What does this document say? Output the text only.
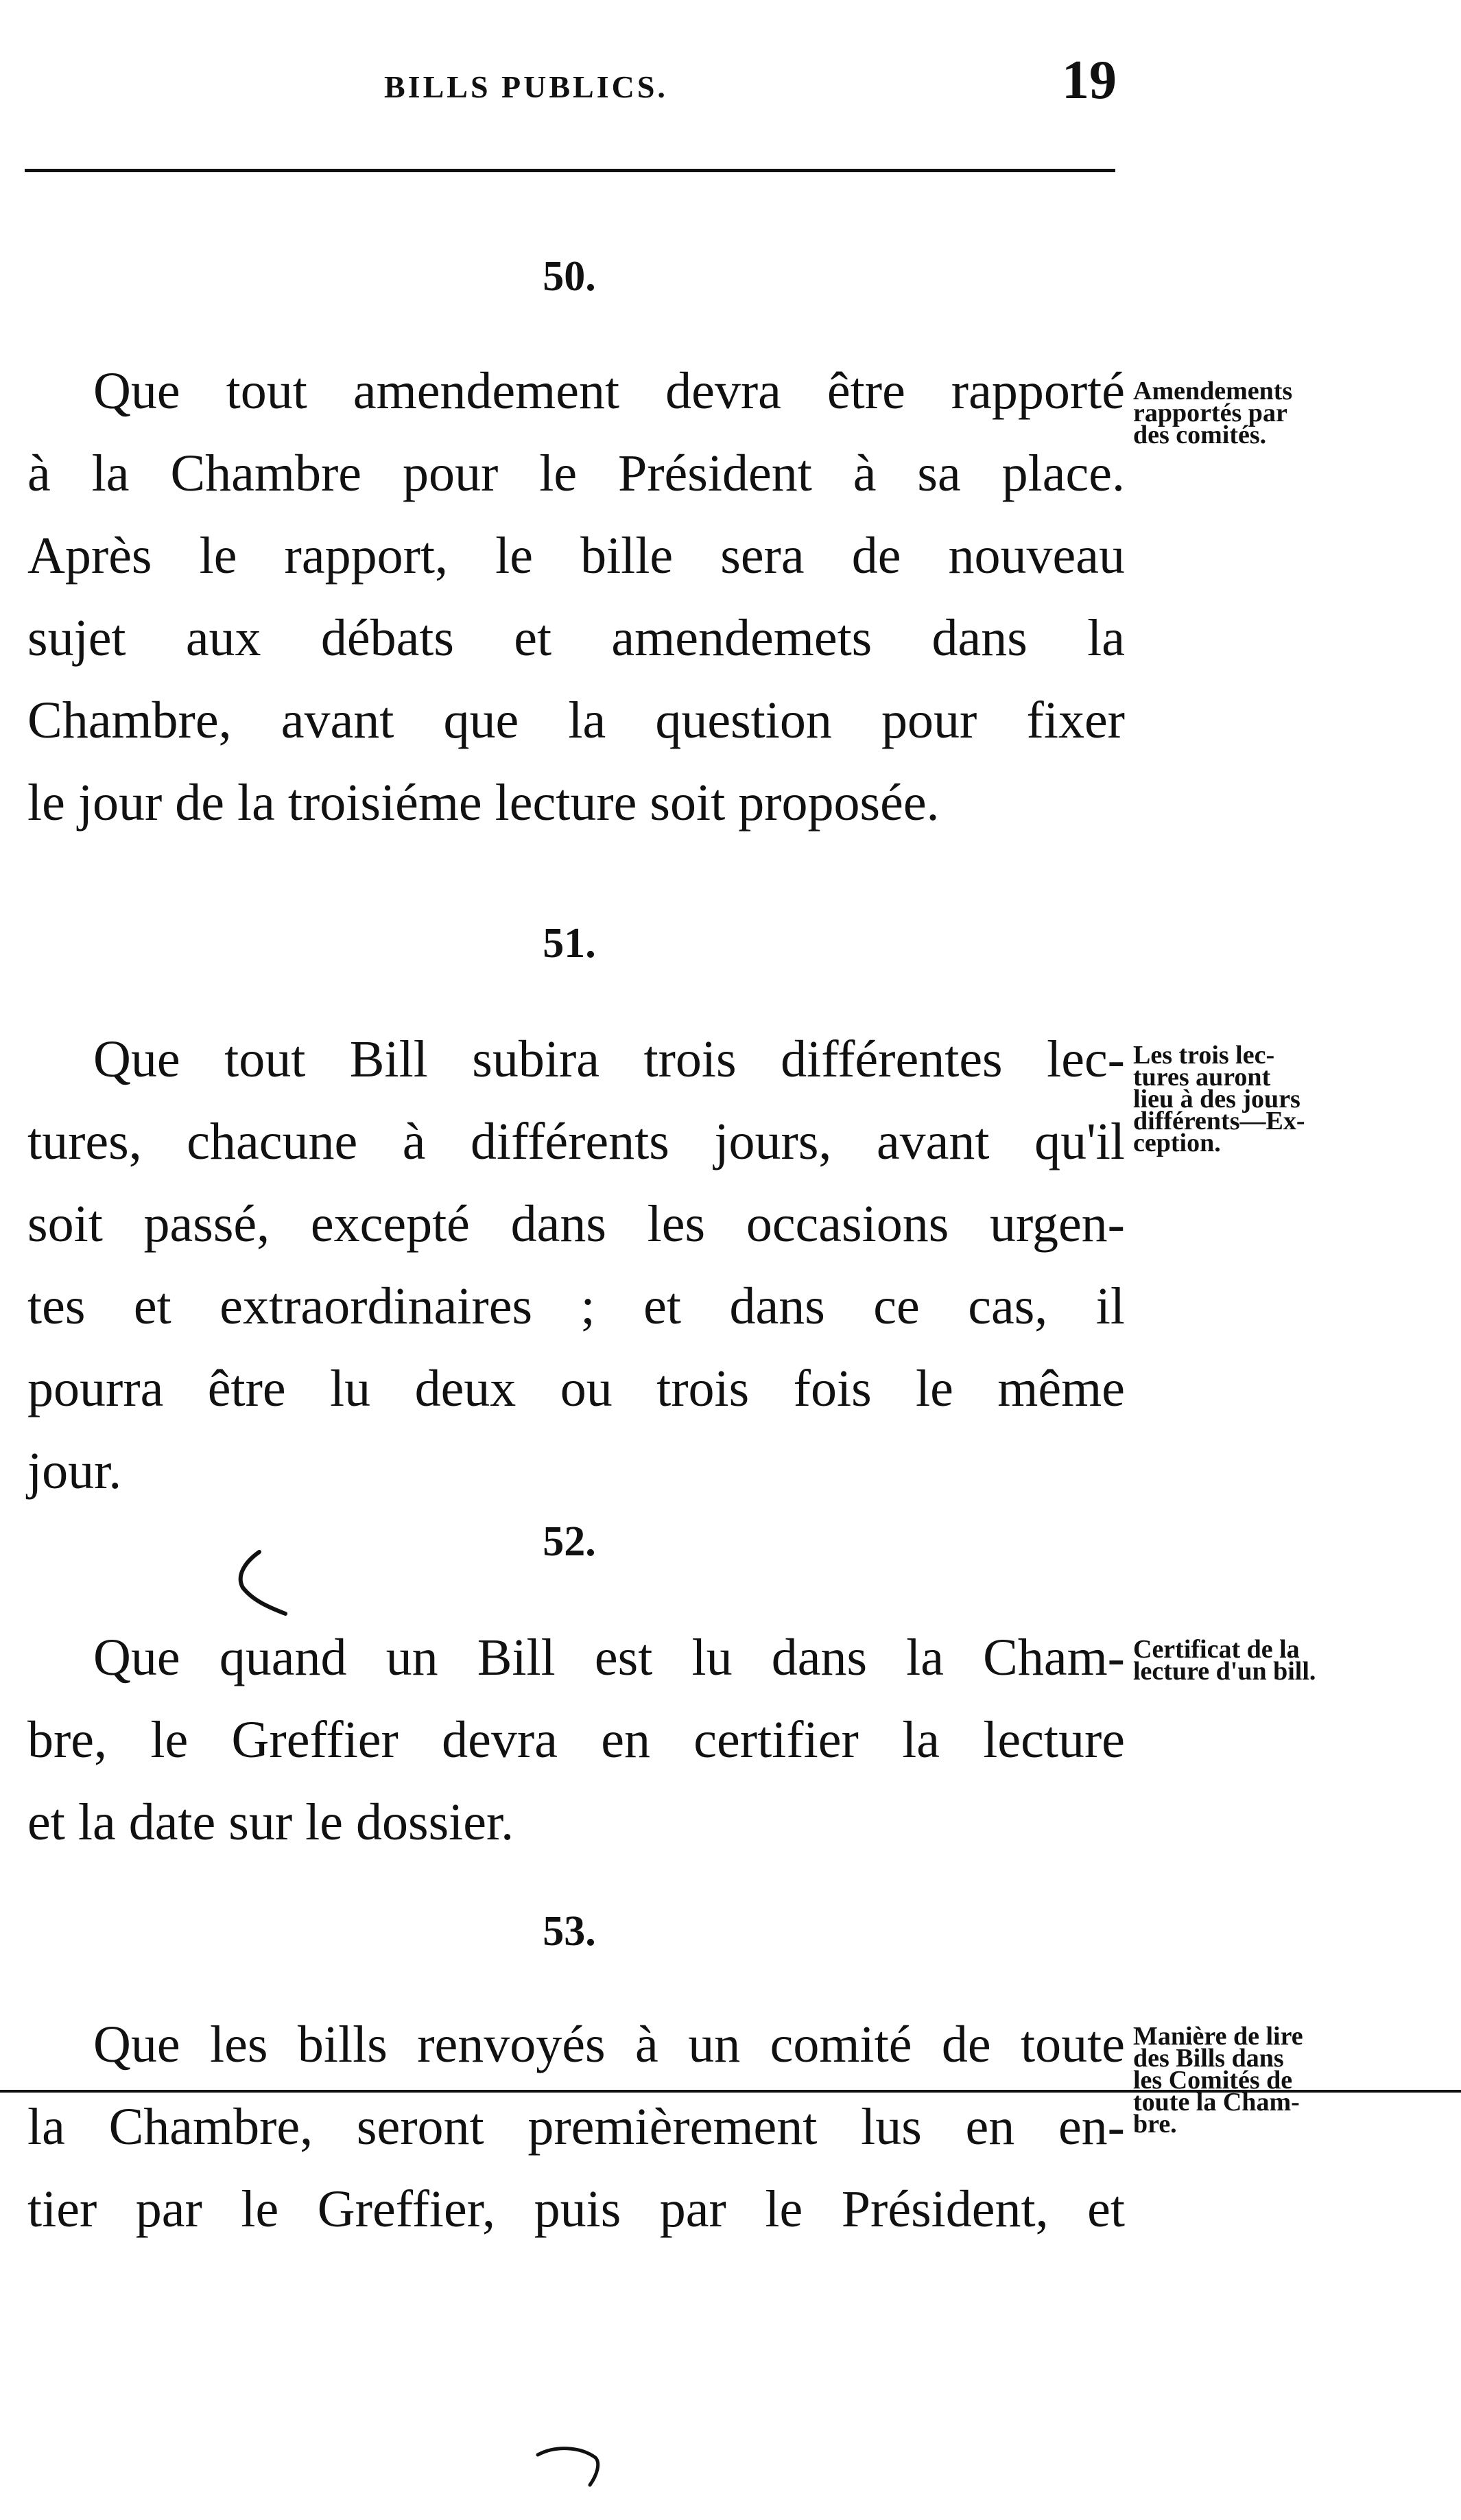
BILLS PUBLICS.	19
50.
Que tout amendement devra être rapporté
à la Chambre pour le Président à sa place.
Après le rapport, le bille sera de nouveau
sujet aux débats et amendemets dans la
Chambre, avant que la question pour fixer
le jour de la troisiéme lecture soit proposée.
Amendements
rapportés par
des comités.
51.
Que tout Bill subira trois différentes lec-
tures, chacune à différents jours, avant qu'il
soit passé, excepté dans les occasions urgen-
tes et extraordinaires ; et dans ce cas, il
pourra être lu deux ou trois fois le même
jour.
Les trois lec-
tures auront
lieu à des jours
différents—Ex-
ception.
52.
Que quand un Bill est lu dans la Cham-
bre, le Greffier devra en certifier la lecture
et la date sur le dossier.
Certificat de la
lecture d'un bill.
53.
Que les bills renvoyés à un comité de toute
la Chambre, seront premièrement lus en en-
tier par le Greffier, puis par le Président, et
Manière de lire
des Bills dans
les Comités de
toute la Cham-
bre.
